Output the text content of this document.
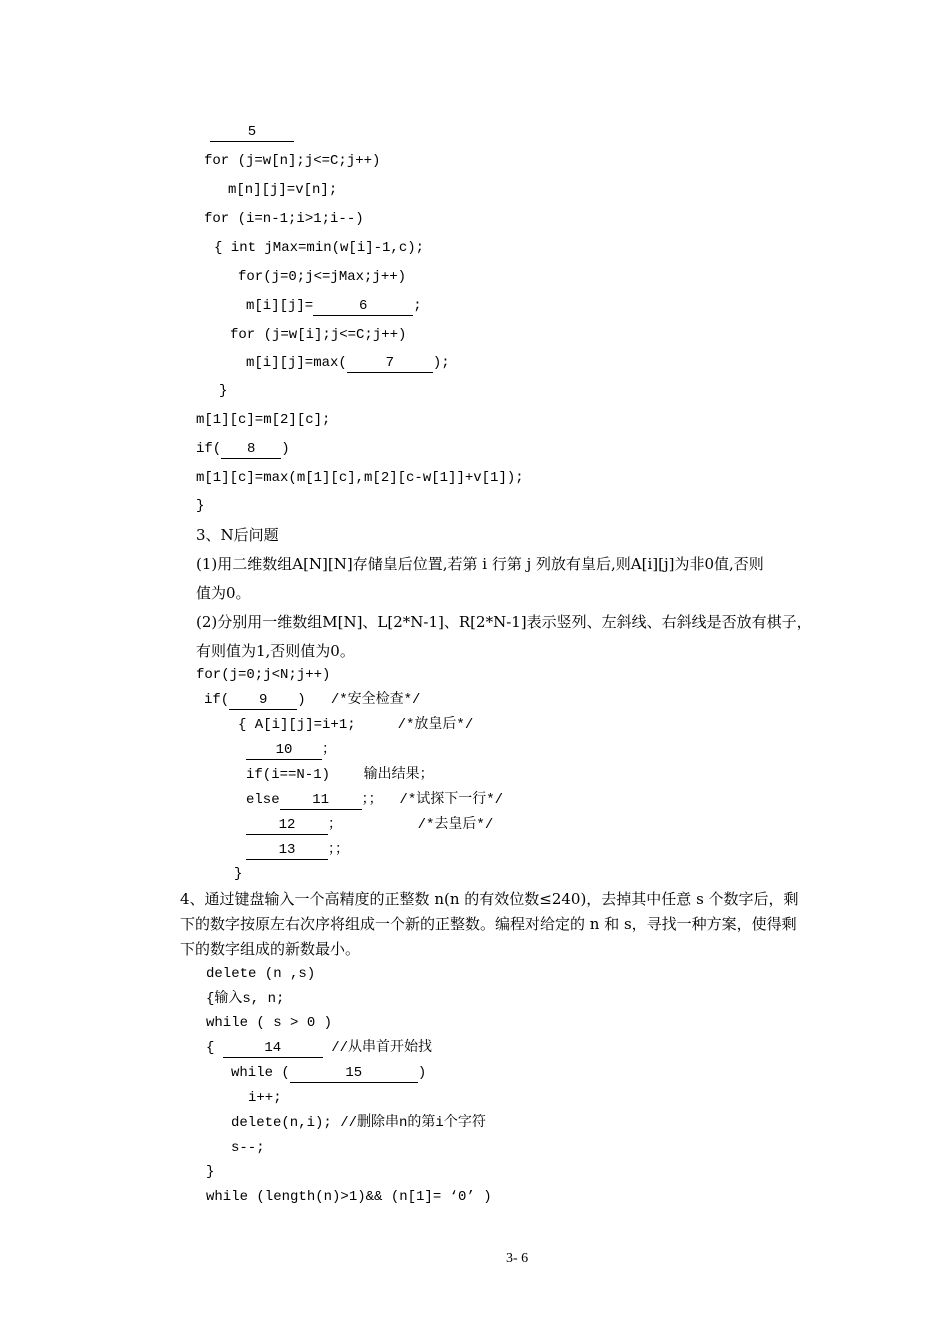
5
for (j=w[n];j<=C;j++)
m[n][j]=v[n];
for (i=n-1;i>1;i--)
{ int jMax=min(w[i]-1,c);
for(j=0;j<=jMax;j++)
m[i][j]=	6	;
for (j=w[i];j<=C;j++)
m[i][j]=max(	7	);
}
m[1][c]=m[2][c];
if( 8 )
m[1][c]=max(m[1][c],m[2][c-w[1]]+v[1]);
}
3、N后问题
(1)用二维数组A[N][N]存储皇后位置,若第 i 行第 j 列放有皇后,则A[i][j]为非0值,否则
值为0。
(2)分别用一维数组M[N]、L[2*N-1]、R[2*N-1]表示竖列、左斜线、右斜线是否放有棋子，
有则值为1,否则值为0。
for(j=0;j<N;j++)
if( 9 )   /*安全检查*/
{ A[i][j]=i+1;     /*放皇后*/
10 ；
if(i==N-1)    输出结果；
else 11 ；；  /*试探下一行*/
12 ；         /*去皇后*/
13 ；；
}
4、通过键盘输入一个高精度的正整数 n(n 的有效位数≤240)，去掉其中任意 s 个数字后，剩
下的数字按原左右次序将组成一个新的正整数。编程对给定的 n 和 s，寻找一种方案，使得剩
下的数字组成的新数最小。
delete (n ,s)
{输入s, n;
while ( s > 0 )
{	14	//从串首开始找
while (	15	)
i++;
delete(n,i); //删除串n的第i个字符
s--;
}
while (length(n)>1)&& (n[1]= ‘0’ )
3- 6
